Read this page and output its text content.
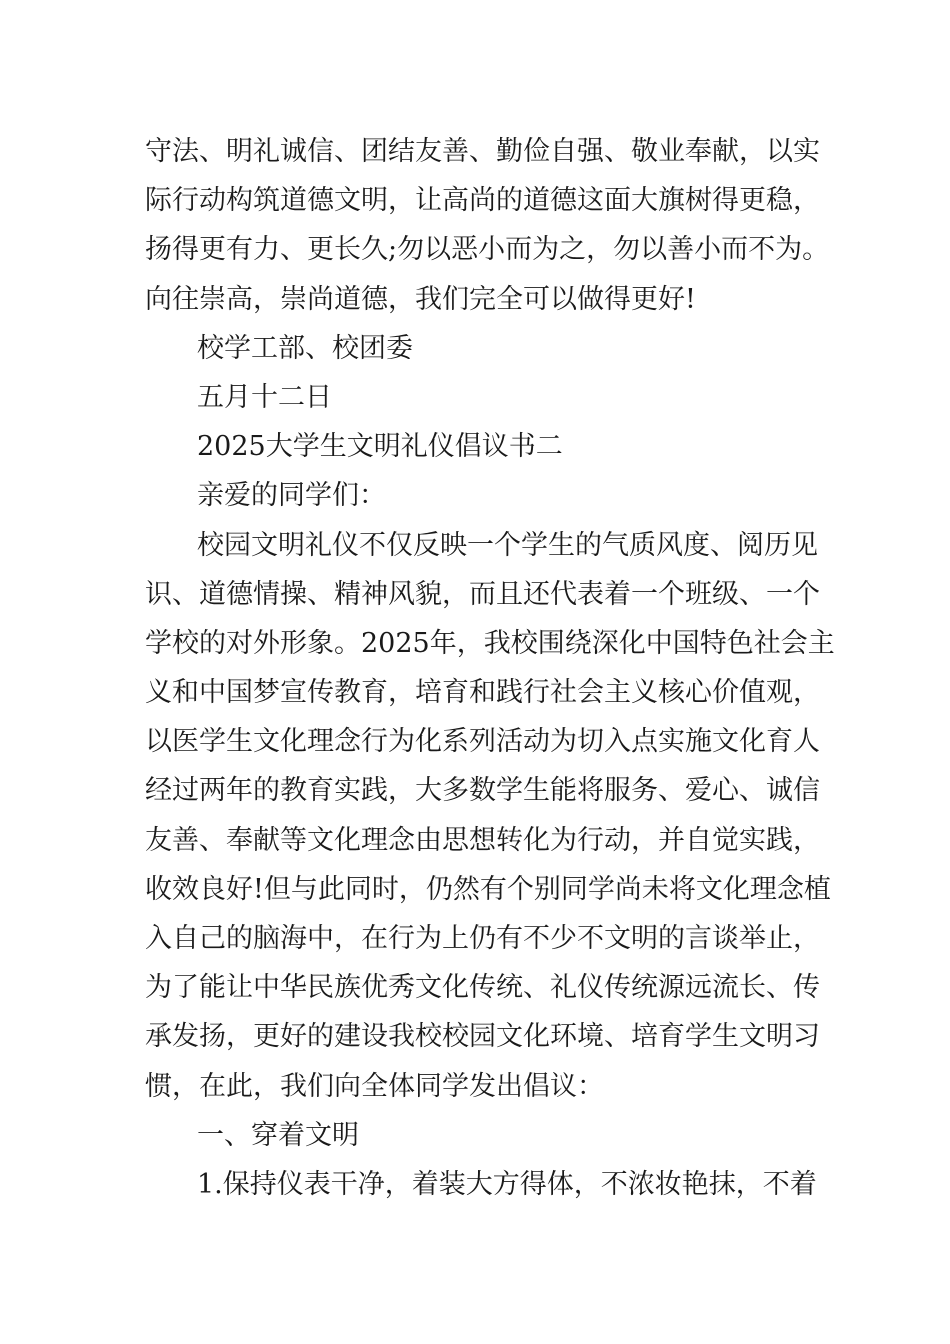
守法、明礼诚信、团结友善、勤俭自强、敬业奉献，以实
际行动构筑道德文明，让高尚的道德这面大旗树得更稳，
扬得更有力、更长久;勿以恶小而为之，勿以善小而不为。
向往崇高，崇尚道德，我们完全可以做得更好!
校学工部、校团委
五月十二日
2025大学生文明礼仪倡议书二
亲爱的同学们：
校园文明礼仪不仅反映一个学生的气质风度、阅历见
识、道德情操、精神风貌，而且还代表着一个班级、一个
学校的对外形象。2025年，我校围绕深化中国特色社会主
义和中国梦宣传教育，培育和践行社会主义核心价值观，
以医学生文化理念行为化系列活动为切入点实施文化育人
经过两年的教育实践，大多数学生能将服务、爱心、诚信
友善、奉献等文化理念由思想转化为行动，并自觉实践，
收效良好!但与此同时，仍然有个别同学尚未将文化理念植
入自己的脑海中，在行为上仍有不少不文明的言谈举止，
为了能让中华民族优秀文化传统、礼仪传统源远流长、传
承发扬，更好的建设我校校园文化环境、培育学生文明习
惯，在此，我们向全体同学发出倡议：
一、穿着文明
1.保持仪表干净，着装大方得体，不浓妆艳抹，不着
